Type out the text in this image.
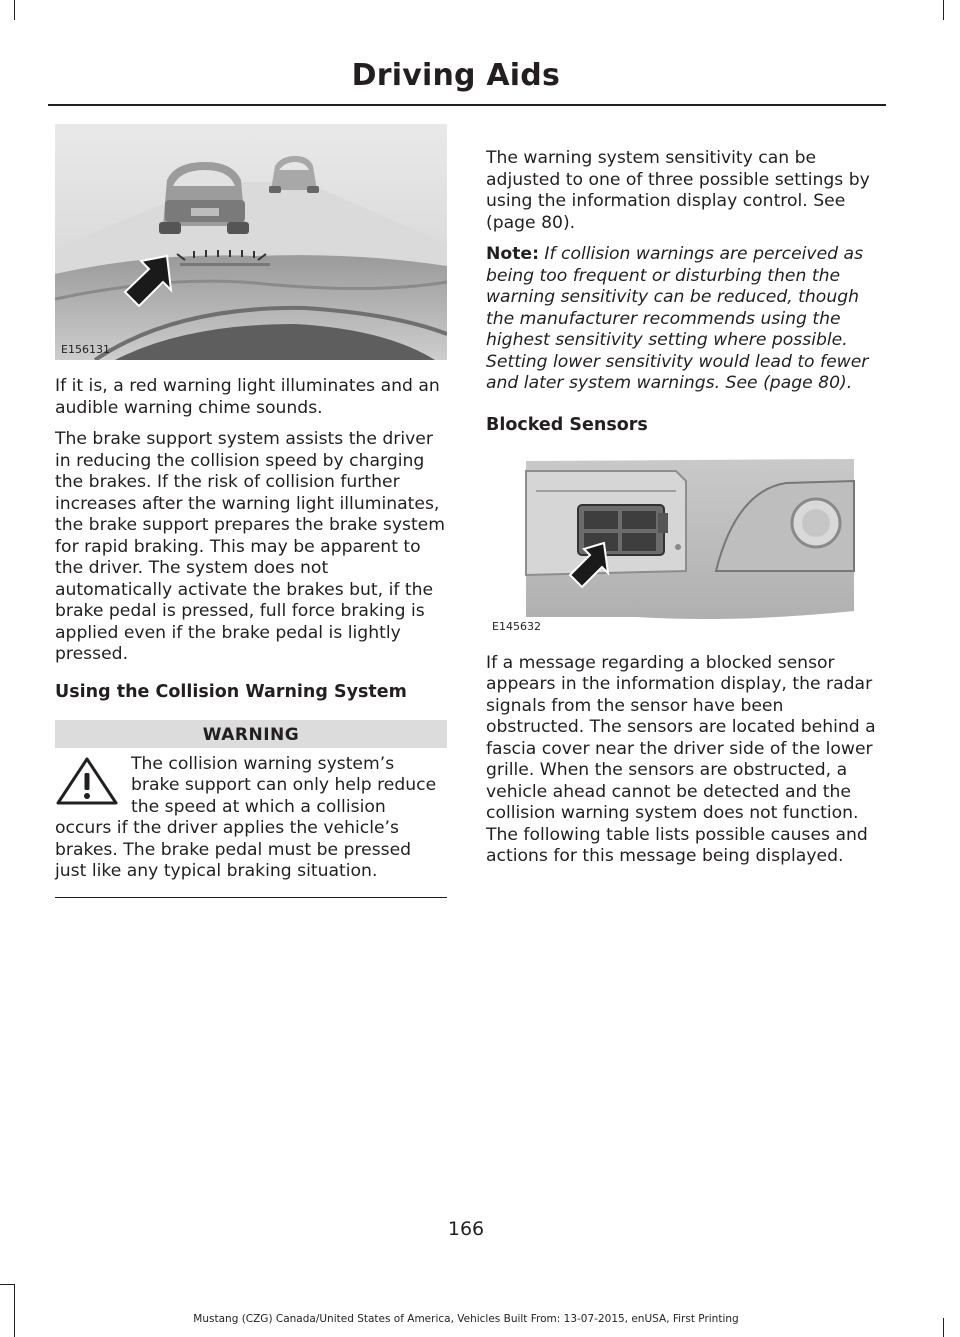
Driving Aids
E156131

If it is, a red warning light illuminates and an audible warning chime sounds.

The brake support system assists the driver in reducing the collision speed by charging the brakes. If the risk of collision further increases after the warning light illuminates, the brake support prepares the brake system for rapid braking. This may be apparent to the driver. The system does not automatically activate the brakes but, if the brake pedal is pressed, full force braking is applied even if the brake pedal is lightly pressed.

Using the Collision Warning System
WARNING
The collision warning system’s brake support can only help reduce the speed at which a collision occurs if the driver applies the vehicle’s brakes. The brake pedal must be pressed just like any typical braking situation.

The warning system sensitivity can be adjusted to one of three possible settings by using the information display control. See (page 80).

Note: If collision warnings are perceived as being too frequent or disturbing then the warning sensitivity can be reduced, though the manufacturer recommends using the highest sensitivity setting where possible. Setting lower sensitivity would lead to fewer and later system warnings. See (page 80).

Blocked Sensors
E145632

If a message regarding a blocked sensor appears in the information display, the radar signals from the sensor have been obstructed. The sensors are located behind a fascia cover near the driver side of the lower grille. When the sensors are obstructed, a vehicle ahead cannot be detected and the collision warning system does not function. The following table lists possible causes and actions for this message being displayed.

166
Mustang (CZG) Canada/United States of America, Vehicles Built From: 13-07-2015, enUSA, First Printing
